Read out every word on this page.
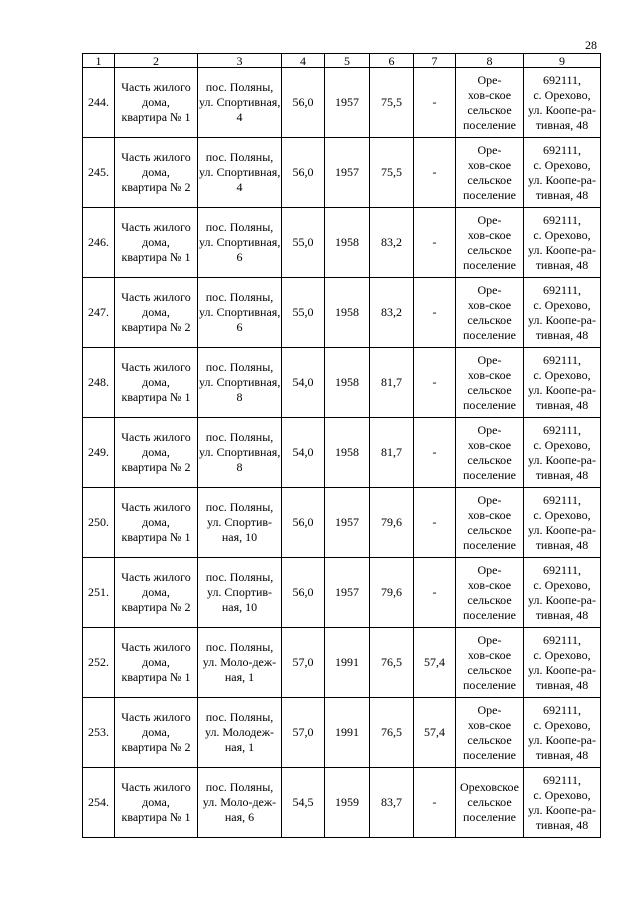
28
1	2	3	4	5	6	7	8	9
244.	Часть жилого
дома,
квартира № 1	пос. Поляны,
ул. Спортивная,
4	56,0	1957	75,5	-	Оре-
хов-ское
сельское
поселение	692111,
с. Орехово,
ул. Коопе-ра-
тивная, 48

245.	Часть жилого
дома,
квартира № 2	пос. Поляны,
ул. Спортивная,
4	56,0	1957	75,5	-	Оре-
хов-ское
сельское
поселение	692111,
с. Орехово,
ул. Коопе-ра-
тивная, 48

246.	Часть жилого
дома,
квартира № 1	пос. Поляны,
ул. Спортивная,
6	55,0	1958	83,2	-	Оре-
хов-ское
сельское
поселение	692111,
с. Орехово,
ул. Коопе-ра-
тивная, 48

247.	Часть жилого
дома,
квартира № 2	пос. Поляны,
ул. Спортивная,
6	55,0	1958	83,2	-	Оре-
хов-ское
сельское
поселение	692111,
с. Орехово,
ул. Коопе-ра-
тивная, 48

248.	Часть жилого
дома,
квартира № 1	пос. Поляны,
ул. Спортивная,
8	54,0	1958	81,7	-	Оре-
хов-ское
сельское
поселение	692111,
с. Орехово,
ул. Коопе-ра-
тивная, 48

249.	Часть жилого
дома,
квартира № 2	пос. Поляны,
ул. Спортивная,
8	54,0	1958	81,7	-	Оре-
хов-ское
сельское
поселение	692111,
с. Орехово,
ул. Коопе-ра-
тивная, 48

250.	Часть жилого
дома,
квартира № 1	пос. Поляны,
ул. Спортив-
ная, 10	56,0	1957	79,6	-	Оре-
хов-ское
сельское
поселение	692111,
с. Орехово,
ул. Коопе-ра-
тивная, 48

251.	Часть жилого
дома,
квартира № 2	пос. Поляны,
ул. Спортив-
ная, 10	56,0	1957	79,6	-	Оре-
хов-ское
сельское
поселение	692111,
с. Орехово,
ул. Коопе-ра-
тивная, 48

252.	Часть жилого
дома,
квартира № 1	пос. Поляны,
ул. Моло-деж-
ная, 1	57,0	1991	76,5	57,4	Оре-
хов-ское
сельское
поселение	692111,
с. Орехово,
ул. Коопе-ра-
тивная, 48

253.	Часть жилого
дома,
квартира № 2	пос. Поляны,
ул. Молодеж-
ная, 1	57,0	1991	76,5	57,4	Оре-
хов-ское
сельское
поселение	692111,
с. Орехово,
ул. Коопе-ра-
тивная, 48

254.	Часть жилого
дома,
квартира № 1	пос. Поляны,
ул. Моло-деж-
ная, 6	54,5	1959	83,7	-	Ореховское
сельское
поселение	692111,
с. Орехово,
ул. Коопе-ра-
тивная, 48
